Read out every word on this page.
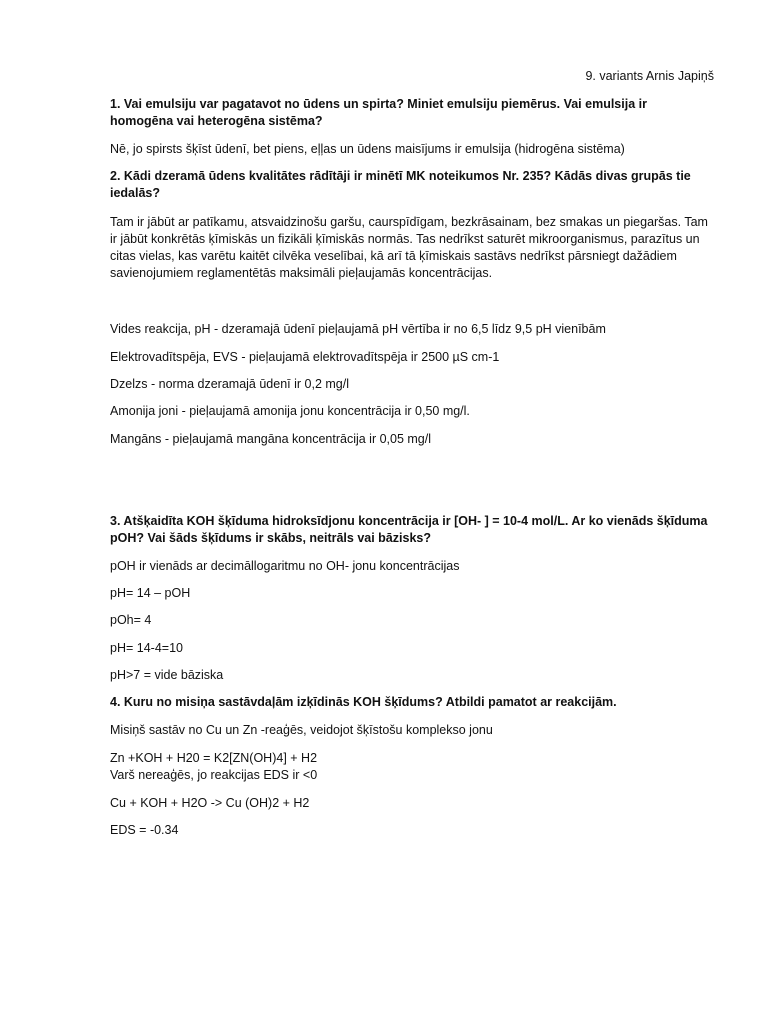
9. variants Arnis Japiņš
1. Vai emulsiju var pagatavot no ūdens un spirta? Miniet emulsiju piemērus. Vai emulsija ir homogēna vai heterogēna sistēma?
Nē, jo spirsts šķīst ūdenī, bet piens, eļļas un ūdens maisījums ir emulsija (hidrogēna sistēma)
2. Kādi dzeramā ūdens kvalitātes rādītāji ir minētī MK noteikumos Nr. 235? Kādās divas grupās tie iedalās?
Tam ir jābūt ar patīkamu, atsvaidzinošu garšu, caurspīdīgam, bezkrāsainam, bez smakas un piegaršas. Tam ir jābūt konkrētās ķīmiskās un fizikāli ķīmiskās normās. Tas nedrīkst saturēt mikroorganismus, parazītus un citas vielas, kas varētu kaitēt cilvēka veselībai, kā arī tā ķīmiskais sastāvs nedrīkst pārsniegt dažādiem savienojumiem reglamentētās maksimāli pieļaujamās koncentrācijas.
Vides reakcija, pH - dzeramajā ūdenī pieļaujamā pH vērtība ir no 6,5 līdz 9,5 pH vienībām
Elektrovadītspēja, EVS - pieļaujamā elektrovadītspēja ir 2500 µS cm-1
Dzelzs - norma dzeramajā ūdenī ir 0,2 mg/l
Amonija joni - pieļaujamā amonija jonu koncentrācija ir 0,50 mg/l.
Mangāns - pieļaujamā mangāna koncentrācija ir 0,05 mg/l
3. Atšķaidīta KOH šķīduma hidroksīdjonu koncentrācija ir [OH- ] = 10-4 mol/L. Ar ko vienāds šķīduma pOH? Vai šāds šķīdums ir skābs, neitrāls vai bāzisks?
pOH ir vienāds ar decimāllogaritmu no OH- jonu koncentrācijas
pH= 14 – pOH
pOh= 4
pH= 14-4=10
pH>7 = vide bāziska
4. Kuru no misiņa sastāvdaļām izķīdinās KOH šķīdums? Atbildi pamatot ar reakcijām.
Misiņš sastāv no Cu un Zn -reaģēs, veidojot šķīstošu komplekso jonu
Zn +KOH + H20 = K2[ZN(OH)4] + H2
Varš nereaģēs, jo reakcijas EDS ir <0
Cu + KOH + H2O -> Cu (OH)2 + H2
EDS = -0.34
